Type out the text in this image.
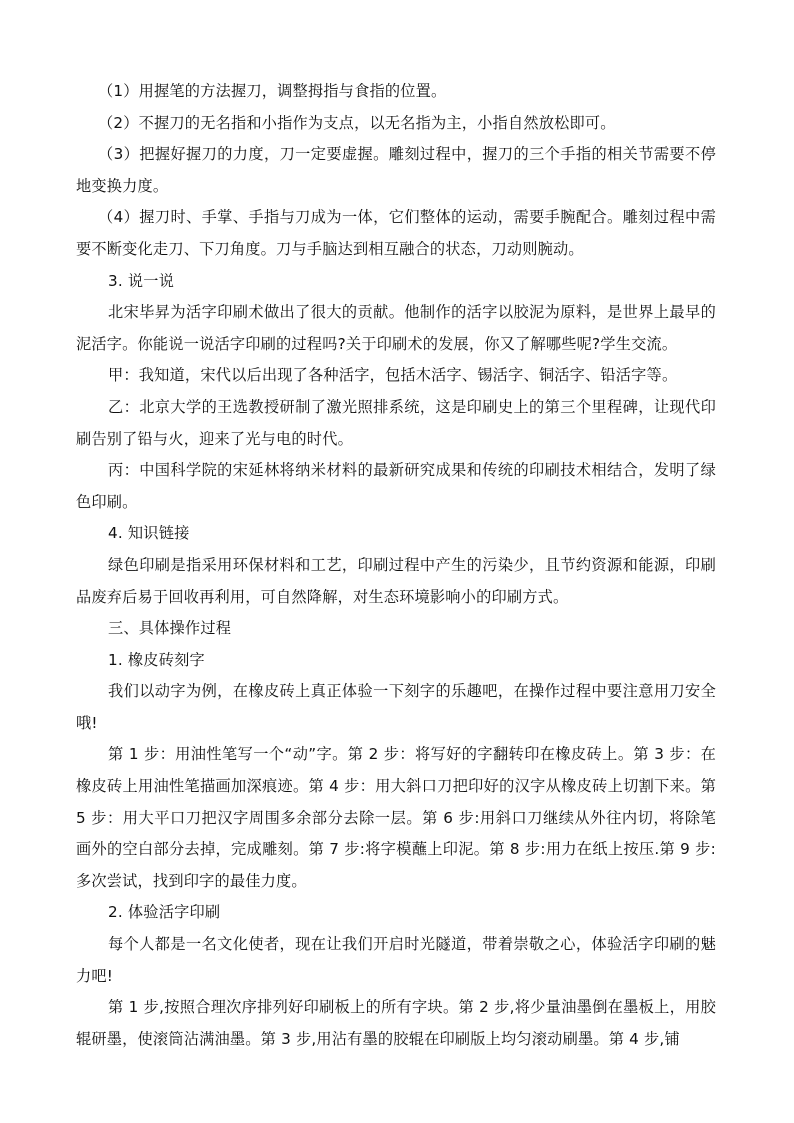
（1）用握笔的方法握刀，调整拇指与食指的位置。

（2）不握刀的无名指和小指作为支点，以无名指为主，小指自然放松即可。

（3）把握好握刀的力度，刀一定要虚握。雕刻过程中，握刀的三个手指的相关节需要不停地变换力度。

（4）握刀时、手掌、手指与刀成为一体，它们整体的运动，需要手腕配合。雕刻过程中需要不断变化走刀、下刀角度。刀与手脑达到相互融合的状态，刀动则腕动。

3. 说一说

北宋毕昇为活字印刷术做出了很大的贡献。他制作的活字以胶泥为原料，是世界上最早的泥活字。你能说一说活字印刷的过程吗?关于印刷术的发展，你又了解哪些呢?学生交流。

甲：我知道，宋代以后出现了各种活字，包括木活字、锡活字、铜活字、铅活字等。

乙：北京大学的王选教授研制了激光照排系统，这是印刷史上的第三个里程碑，让现代印刷告别了铅与火，迎来了光与电的时代。

丙：中国科学院的宋延林将纳米材料的最新研究成果和传统的印刷技术相结合，发明了绿色印刷。

4. 知识链接

绿色印刷是指采用环保材料和工艺，印刷过程中产生的污染少，且节约资源和能源，印刷品废弃后易于回收再利用，可自然降解，对生态环境影响小的印刷方式。

三、具体操作过程

1. 橡皮砖刻字

我们以动字为例，在橡皮砖上真正体验一下刻字的乐趣吧，在操作过程中要注意用刀安全哦!

第 1 步：用油性笔写一个“动”字。第 2 步：将写好的字翻转印在橡皮砖上。第 3 步：在橡皮砖上用油性笔描画加深痕迹。第 4 步：用大斜口刀把印好的汉字从橡皮砖上切割下来。第 5 步：用大平口刀把汉字周围多余部分去除一层。第 6 步:用斜口刀继续从外往内切，将除笔画外的空白部分去掉，完成雕刻。第 7 步:将字模蘸上印泥。第 8 步:用力在纸上按压.第 9 步:多次尝试，找到印字的最佳力度。

2. 体验活字印刷

每个人都是一名文化使者，现在让我们开启时光隧道，带着崇敬之心，体验活字印刷的魅力吧!

第 1 步,按照合理次序排列好印刷板上的所有字块。第 2 步,将少量油墨倒在墨板上，用胶辊研墨，使滚筒沾满油墨。第 3 步,用沾有墨的胶辊在印刷版上均匀滚动刷墨。第 4 步,铺
